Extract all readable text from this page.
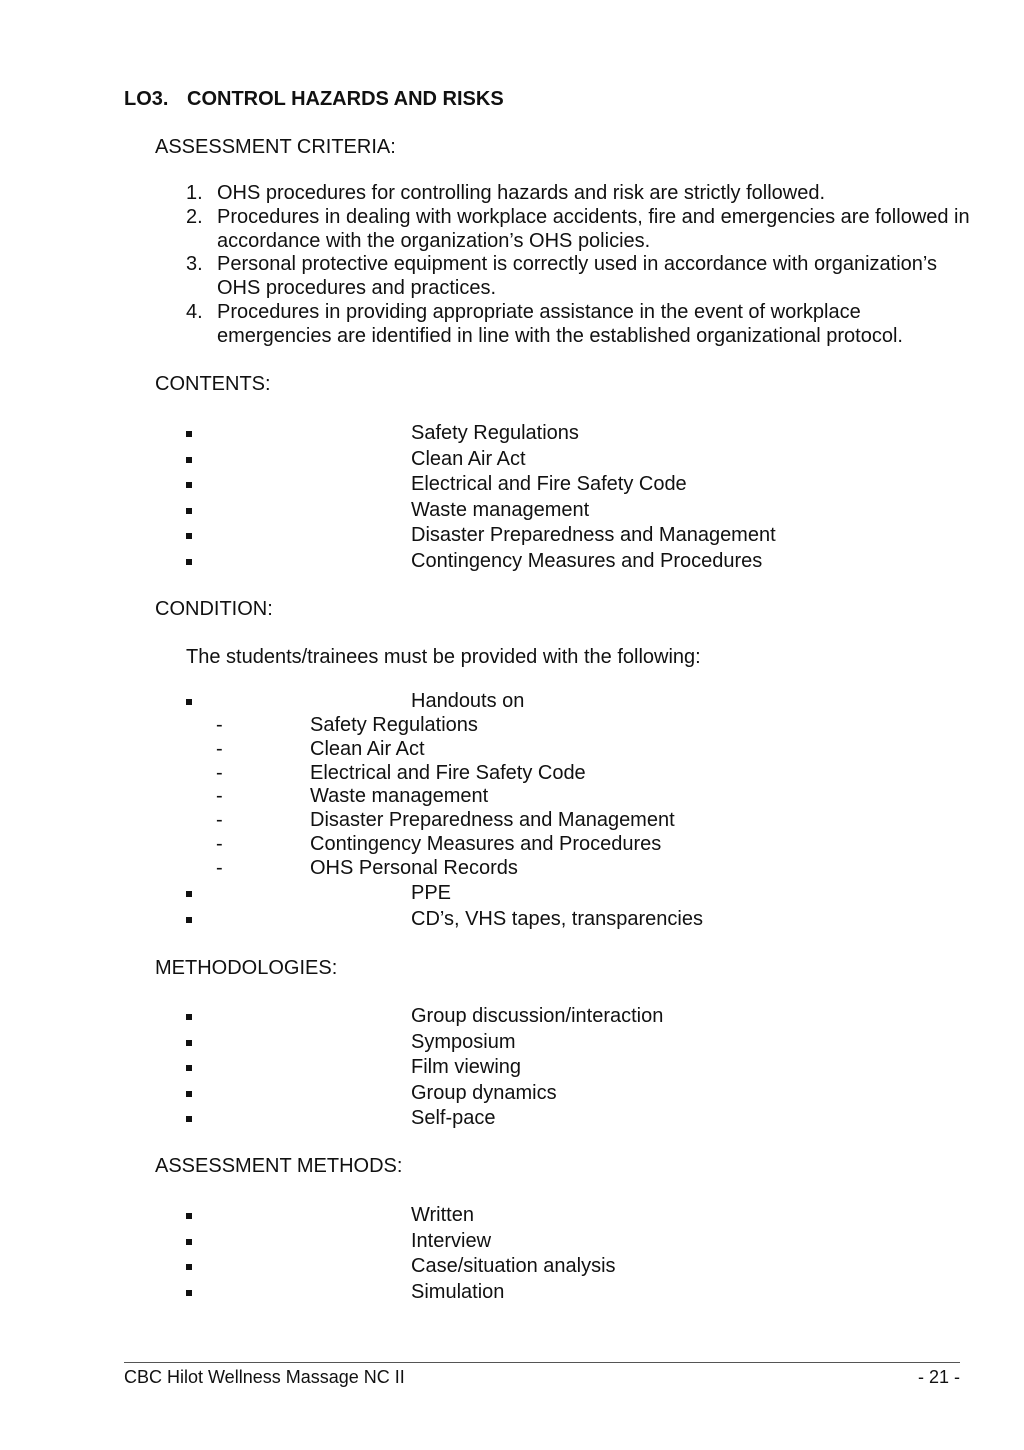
LO3. CONTROL HAZARDS AND RISKS
ASSESSMENT CRITERIA:
1. OHS procedures for controlling hazards and risk are strictly followed.
2. Procedures in dealing with workplace accidents, fire and emergencies are followed in accordance with the organization’s OHS policies.
3. Personal protective equipment is correctly used in accordance with organization’s OHS procedures and practices.
4. Procedures in providing appropriate assistance in the event of workplace emergencies are identified in line with the established organizational protocol.
CONTENTS:
Safety Regulations
Clean Air Act
Electrical and Fire Safety Code
Waste management
Disaster Preparedness and Management
Contingency Measures and Procedures
CONDITION:
The students/trainees must be provided with the following:
Handouts on
-	Safety Regulations
-	Clean Air Act
-	Electrical and Fire Safety Code
-	Waste management
-	Disaster Preparedness and Management
-	Contingency Measures and Procedures
-	OHS Personal Records
PPE
CD’s, VHS tapes, transparencies
METHODOLOGIES:
Group discussion/interaction
Symposium
Film viewing
Group dynamics
Self-pace
ASSESSMENT METHODS:
Written
Interview
Case/situation analysis
Simulation
CBC Hilot Wellness Massage NC II	- 21 -
